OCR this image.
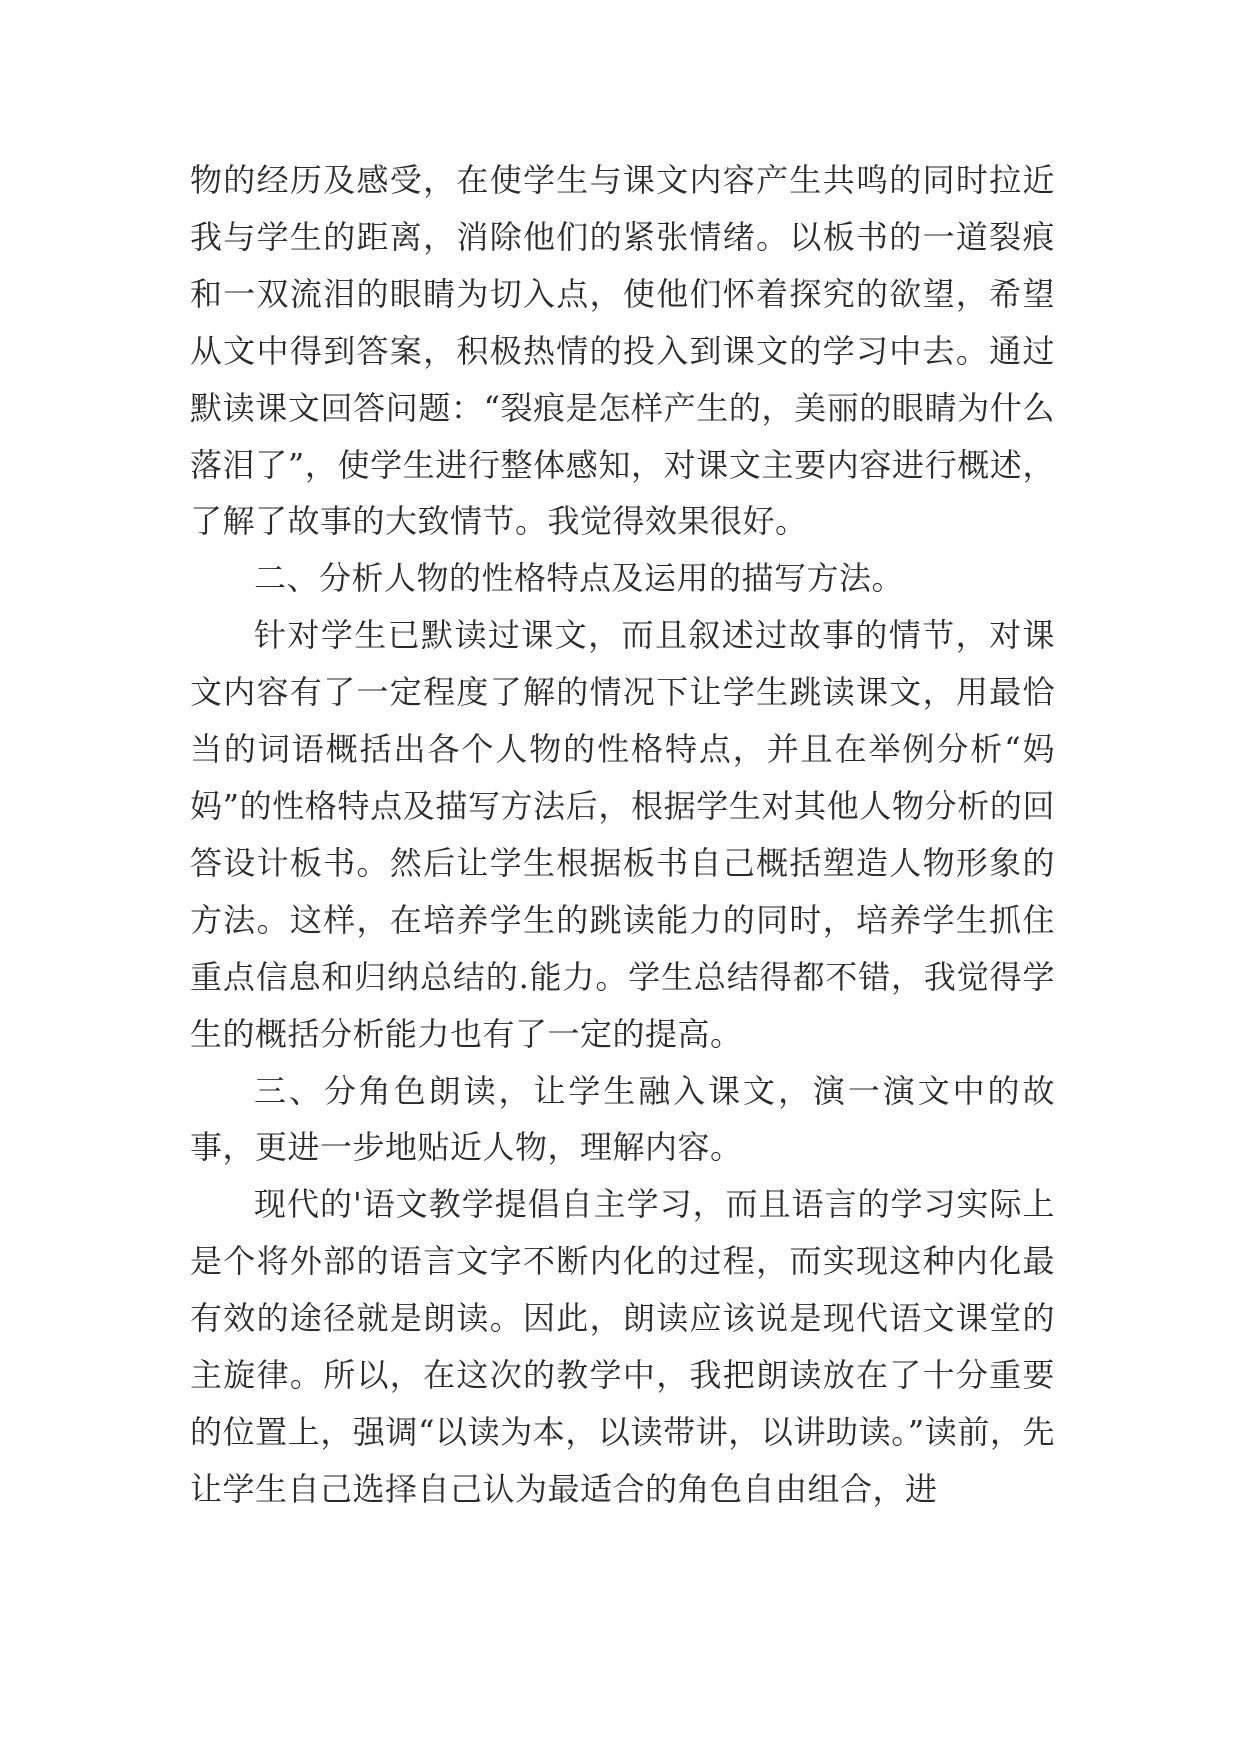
物的经历及感受，在使学生与课文内容产生共鸣的同时拉近我与学生的距离，消除他们的紧张情绪。以板书的一道裂痕和一双流泪的眼睛为切入点，使他们怀着探究的欲望，希望从文中得到答案，积极热情的投入到课文的学习中去。通过默读课文回答问题：“裂痕是怎样产生的，美丽的眼睛为什么落泪了”，使学生进行整体感知，对课文主要内容进行概述，了解了故事的大致情节。我觉得效果很好。

二、分析人物的性格特点及运用的描写方法。

针对学生已默读过课文，而且叙述过故事的情节，对课文内容有了一定程度了解的情况下让学生跳读课文，用最恰当的词语概括出各个人物的性格特点，并且在举例分析“妈妈”的性格特点及描写方法后，根据学生对其他人物分析的回答设计板书。然后让学生根据板书自己概括塑造人物形象的方法。这样，在培养学生的跳读能力的同时，培养学生抓住重点信息和归纳总结的.能力。学生总结得都不错，我觉得学生的概括分析能力也有了一定的提高。

三、分角色朗读，让学生融入课文，演一演文中的故事，更进一步地贴近人物，理解内容。

现代的'语文教学提倡自主学习，而且语言的学习实际上是个将外部的语言文字不断内化的过程，而实现这种内化最有效的途径就是朗读。因此，朗读应该说是现代语文课堂的主旋律。所以，在这次的教学中，我把朗读放在了十分重要的位置上，强调“以读为本，以读带讲，以讲助读。”读前，先让学生自己选择自己认为最适合的角色自由组合，进
